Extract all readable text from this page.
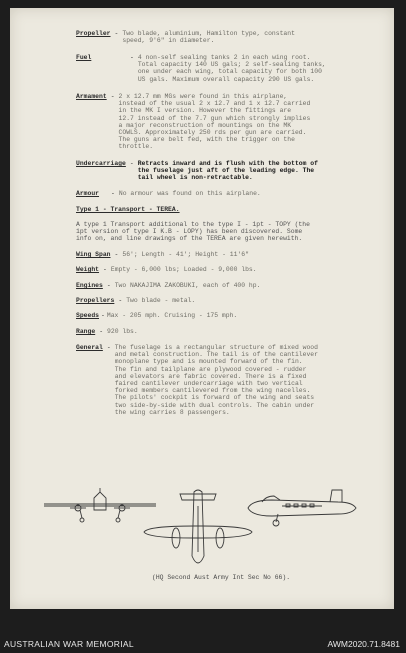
Propeller - Two blade, aluminium, Hamilton type, constant
speed, 9'6" in diameter.
Fuel	- 4 non-self sealing tanks 2 in each wing root.
Total capacity 140 US gals; 2 self-sealing tanks,
one under each wing, total capacity for both 100
US gals. Maximum overall capacity 290 US gals.
Armament - 2 x 12.7 mm MGs were found in this airplane,
instead of the usual 2 x 12.7 and 1 x 12.7 carried
in the MK I version. However the fittings are
12.7 instead of the 7.7 gun which strongly implies
a major reconstruction of mountings on the MK
COWLS. Approximately 250 rds per gun are carried.
The guns are belt fed, with the trigger on the
throttle.
Undercarriage - Retracts inward and is flush with the bottom of
the fuselage just aft of the leading edge. The
tail wheel is non-retractable.
Armour	- No armour was found on this airplane.
Type 1 - Transport - TEREA.
A type 1 Transport additional to the type I - 1pt - TOPY (the
1pt version of type I K.B - LOPY) has been discovered. Some
info on, and line drawings of the TEREA are given herewith.
Wing Span - 56'; Length - 41'; Height - 11'6"
Weight - Empty - 6,000 lbs; Loaded - 9,000 lbs.
Engines - Two NAKAJIMA ZAKOBUKI, each of 400 hp.
Propellers - Two blade - metal.
Speeds - Max - 205 mph. Cruising - 175 mph.
Range - 920 lbs.
General - The fuselage is a rectangular structure of mixed wood
and metal construction. The tail is of the cantilever
monoplane type and is mounted forward of the fin.
The fin and tailplane are plywood covered - rudder
and elevators are fabric covered. There is a fixed
faired cantilever undercarriage with two vertical
forked members cantilevered from the wing nacelles.
The pilots' cockpit is forward of the wing and seats
two side-by-side with dual controls. The cabin under
the wing carries 8 passengers.
(HQ Second Aust Army Int Sec No 66).
AUSTRALIAN WAR MEMORIAL	AWM2020.71.8481
